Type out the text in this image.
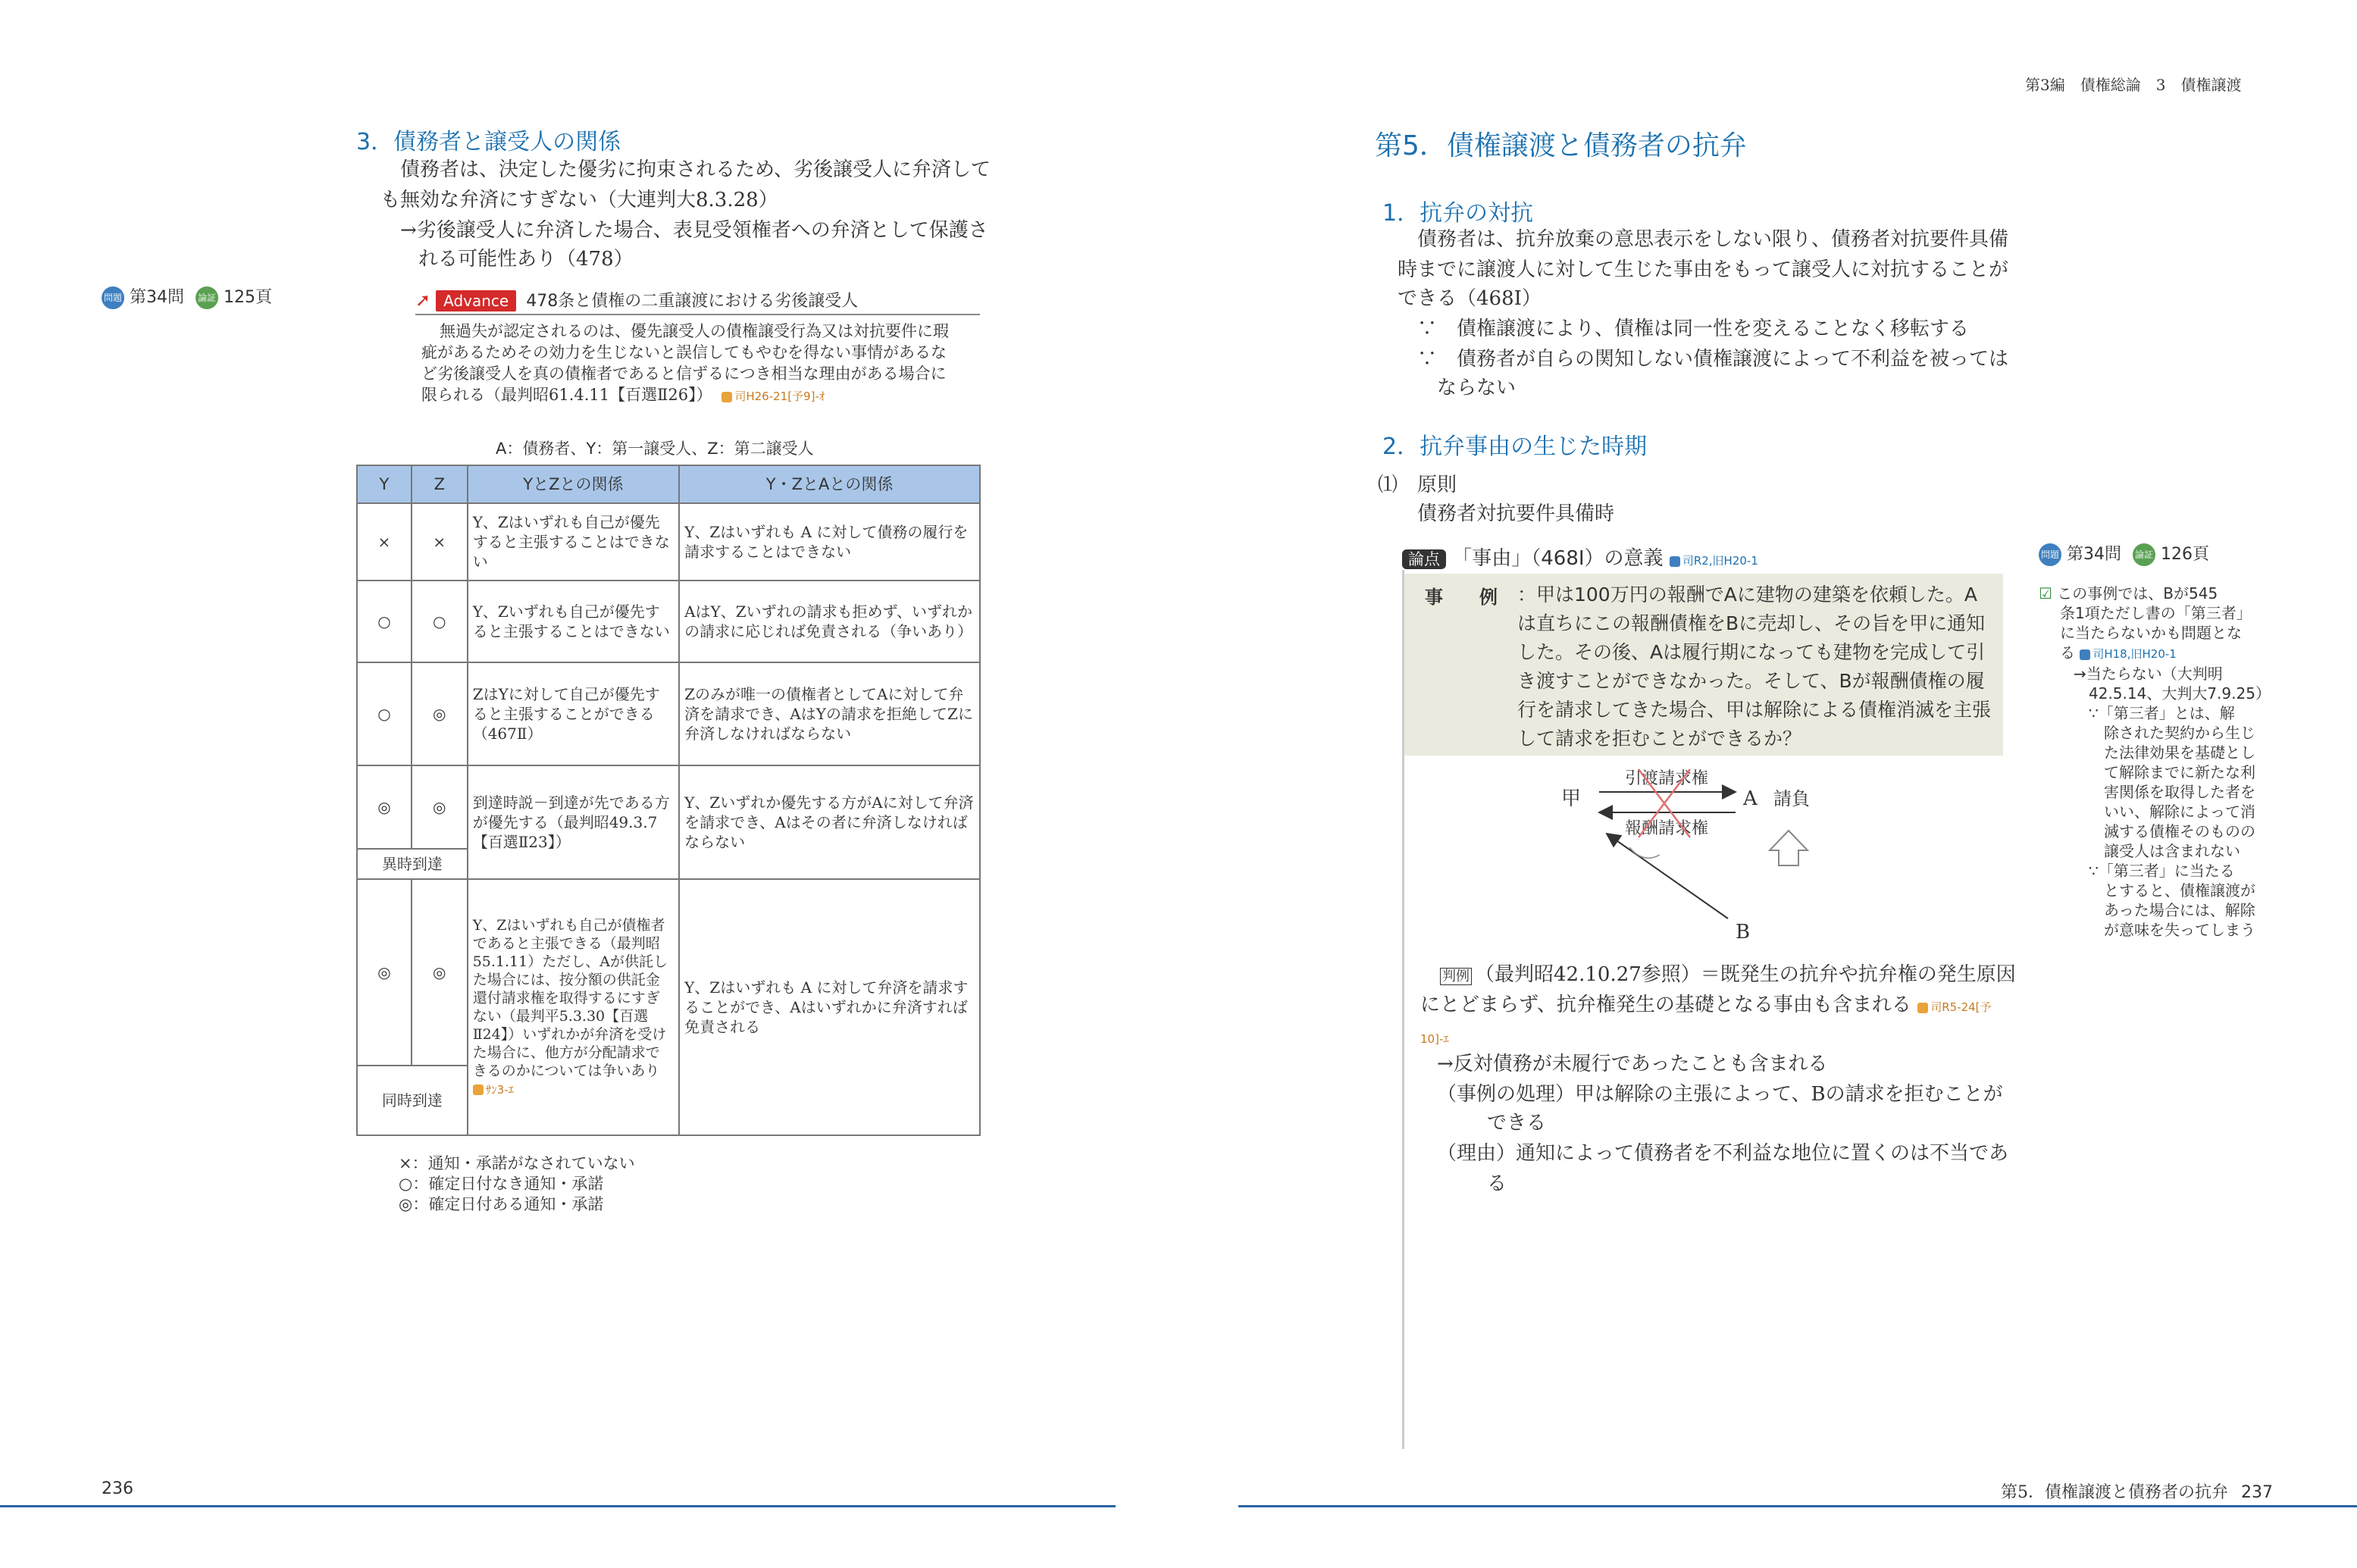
3．債務者と譲受人の関係
債務者は、決定した優劣に拘束されるため、劣後譲受人に弁済して
も無効な弁済にすぎない（大連判大8.3.28）
→劣後譲受人に弁済した場合、表見受領権者への弁済として保護さ
れる可能性あり（478）
問題 第34問 論証 125頁	➚ Advance 478条と債権の二重譲渡における劣後譲受人
無過失が認定されるのは、優先譲受人の債権譲受行為又は対抗要件に瑕
疵があるためその効力を生じないと誤信してもやむを得ない事情があるな
ど劣後譲受人を真の債権者であると信ずるにつき相当な理由がある場合に
限られる（最判昭61.4.11【百選Ⅱ26】） 司H26-21[予9]-ｵ
A：債務者、Y：第一譲受人、Z：第二譲受人
Y	Z	YとZとの関係	Y・ZとAとの関係
×	×	Y、Zはいずれも自己が優先すると主張することはできない	Y、Zはいずれも A に対して債務の履行を請求することはできない
○	○	Y、Zいずれも自己が優先すると主張することはできない	AはY、Zいずれの請求も拒めず、いずれかの請求に応じれば免責される（争いあり）
○	◎	ZはYに対して自己が優先すると主張することができる（467Ⅱ）	Zのみが唯一の債権者としてAに対して弁済を請求でき、AはYの請求を拒絶してZに弁済しなければならない
◎	◎	到達時説－到達が先である方が優先する（最判昭49.3.7【百選Ⅱ23】）	Y、Zいずれか優先する方がAに対して弁済を請求でき、Aはその者に弁済しなければならない
異時到達			
◎	◎	Y、Zはいずれも自己が債権者であると主張できる（最判昭55.1.11）ただし、Aが供託した場合には、按分額の供託金還付請求権を取得するにすぎない（最判平5.3.30【百選Ⅱ24】）いずれかが弁済を受けた場合に、他方が分配請求できるのかについては争いあり ｻﾝ3-ｴ	Y、Zはいずれも A に対して弁済を請求することができ、Aはいずれかに弁済すれば免責される
同時到達			
×：通知・承諾がなされていない
○：確定日付なき通知・承諾
◎：確定日付ある通知・承諾
236
第3編　債権総論　3　債権譲渡
第5．債権譲渡と債務者の抗弁
1．抗弁の対抗
債務者は、抗弁放棄の意思表示をしない限り、債務者対抗要件具備
時までに譲渡人に対して生じた事由をもって譲受人に対抗することが
できる（468Ⅰ）
∵　債権譲渡により、債権は同一性を変えることなく移転する
∵　債務者が自らの関知しない債権譲渡によって不利益を被っては
ならない
2．抗弁事由の生じた時期
⑴　原則
債務者対抗要件具備時
論点 「事由」（468Ⅰ）の意義 司R2,旧H20-1
事　　例 ：甲は100万円の報酬でAに建物の建築を依頼した。A
は直ちにこの報酬債権をBに売却し、その旨を甲に通知
した。その後、Aは履行期になっても建物を完成して引
き渡すことができなかった。そして、Bが報酬債権の履
行を請求してきた場合、甲は解除による債権消滅を主張
して請求を拒むことができるか？
甲	A 請負
B
引渡請求権
報酬請求権
判例 （最判昭42.10.27参照）＝既発生の抗弁や抗弁権の発生原因
にとどまらず、抗弁権発生の基礎となる事由も含まれる 司R5-24[予
10]-ｴ
→反対債務が未履行であったことも含まれる
（事例の処理）甲は解除の主張によって、Bの請求を拒むことが
できる
（理由）通知によって債務者を不利益な地位に置くのは不当であ
る
問題 第34問 論証 126頁
☑ この事例では、Bが545
条1項ただし書の「第三者」
に当たらないかも問題とな
る 司H18,旧H20-1
→当たらない（大判明
42.5.14、大判大7.9.25）
∵「第三者」とは、解
除された契約から生じ
た法律効果を基礎とし
て解除までに新たな利
害関係を取得した者を
いい、解除によって消
滅する債権そのものの
譲受人は含まれない
∵「第三者」に当たる
とすると、債権譲渡が
あった場合には、解除
が意味を失ってしまう
第5．債権譲渡と債務者の抗弁 237
